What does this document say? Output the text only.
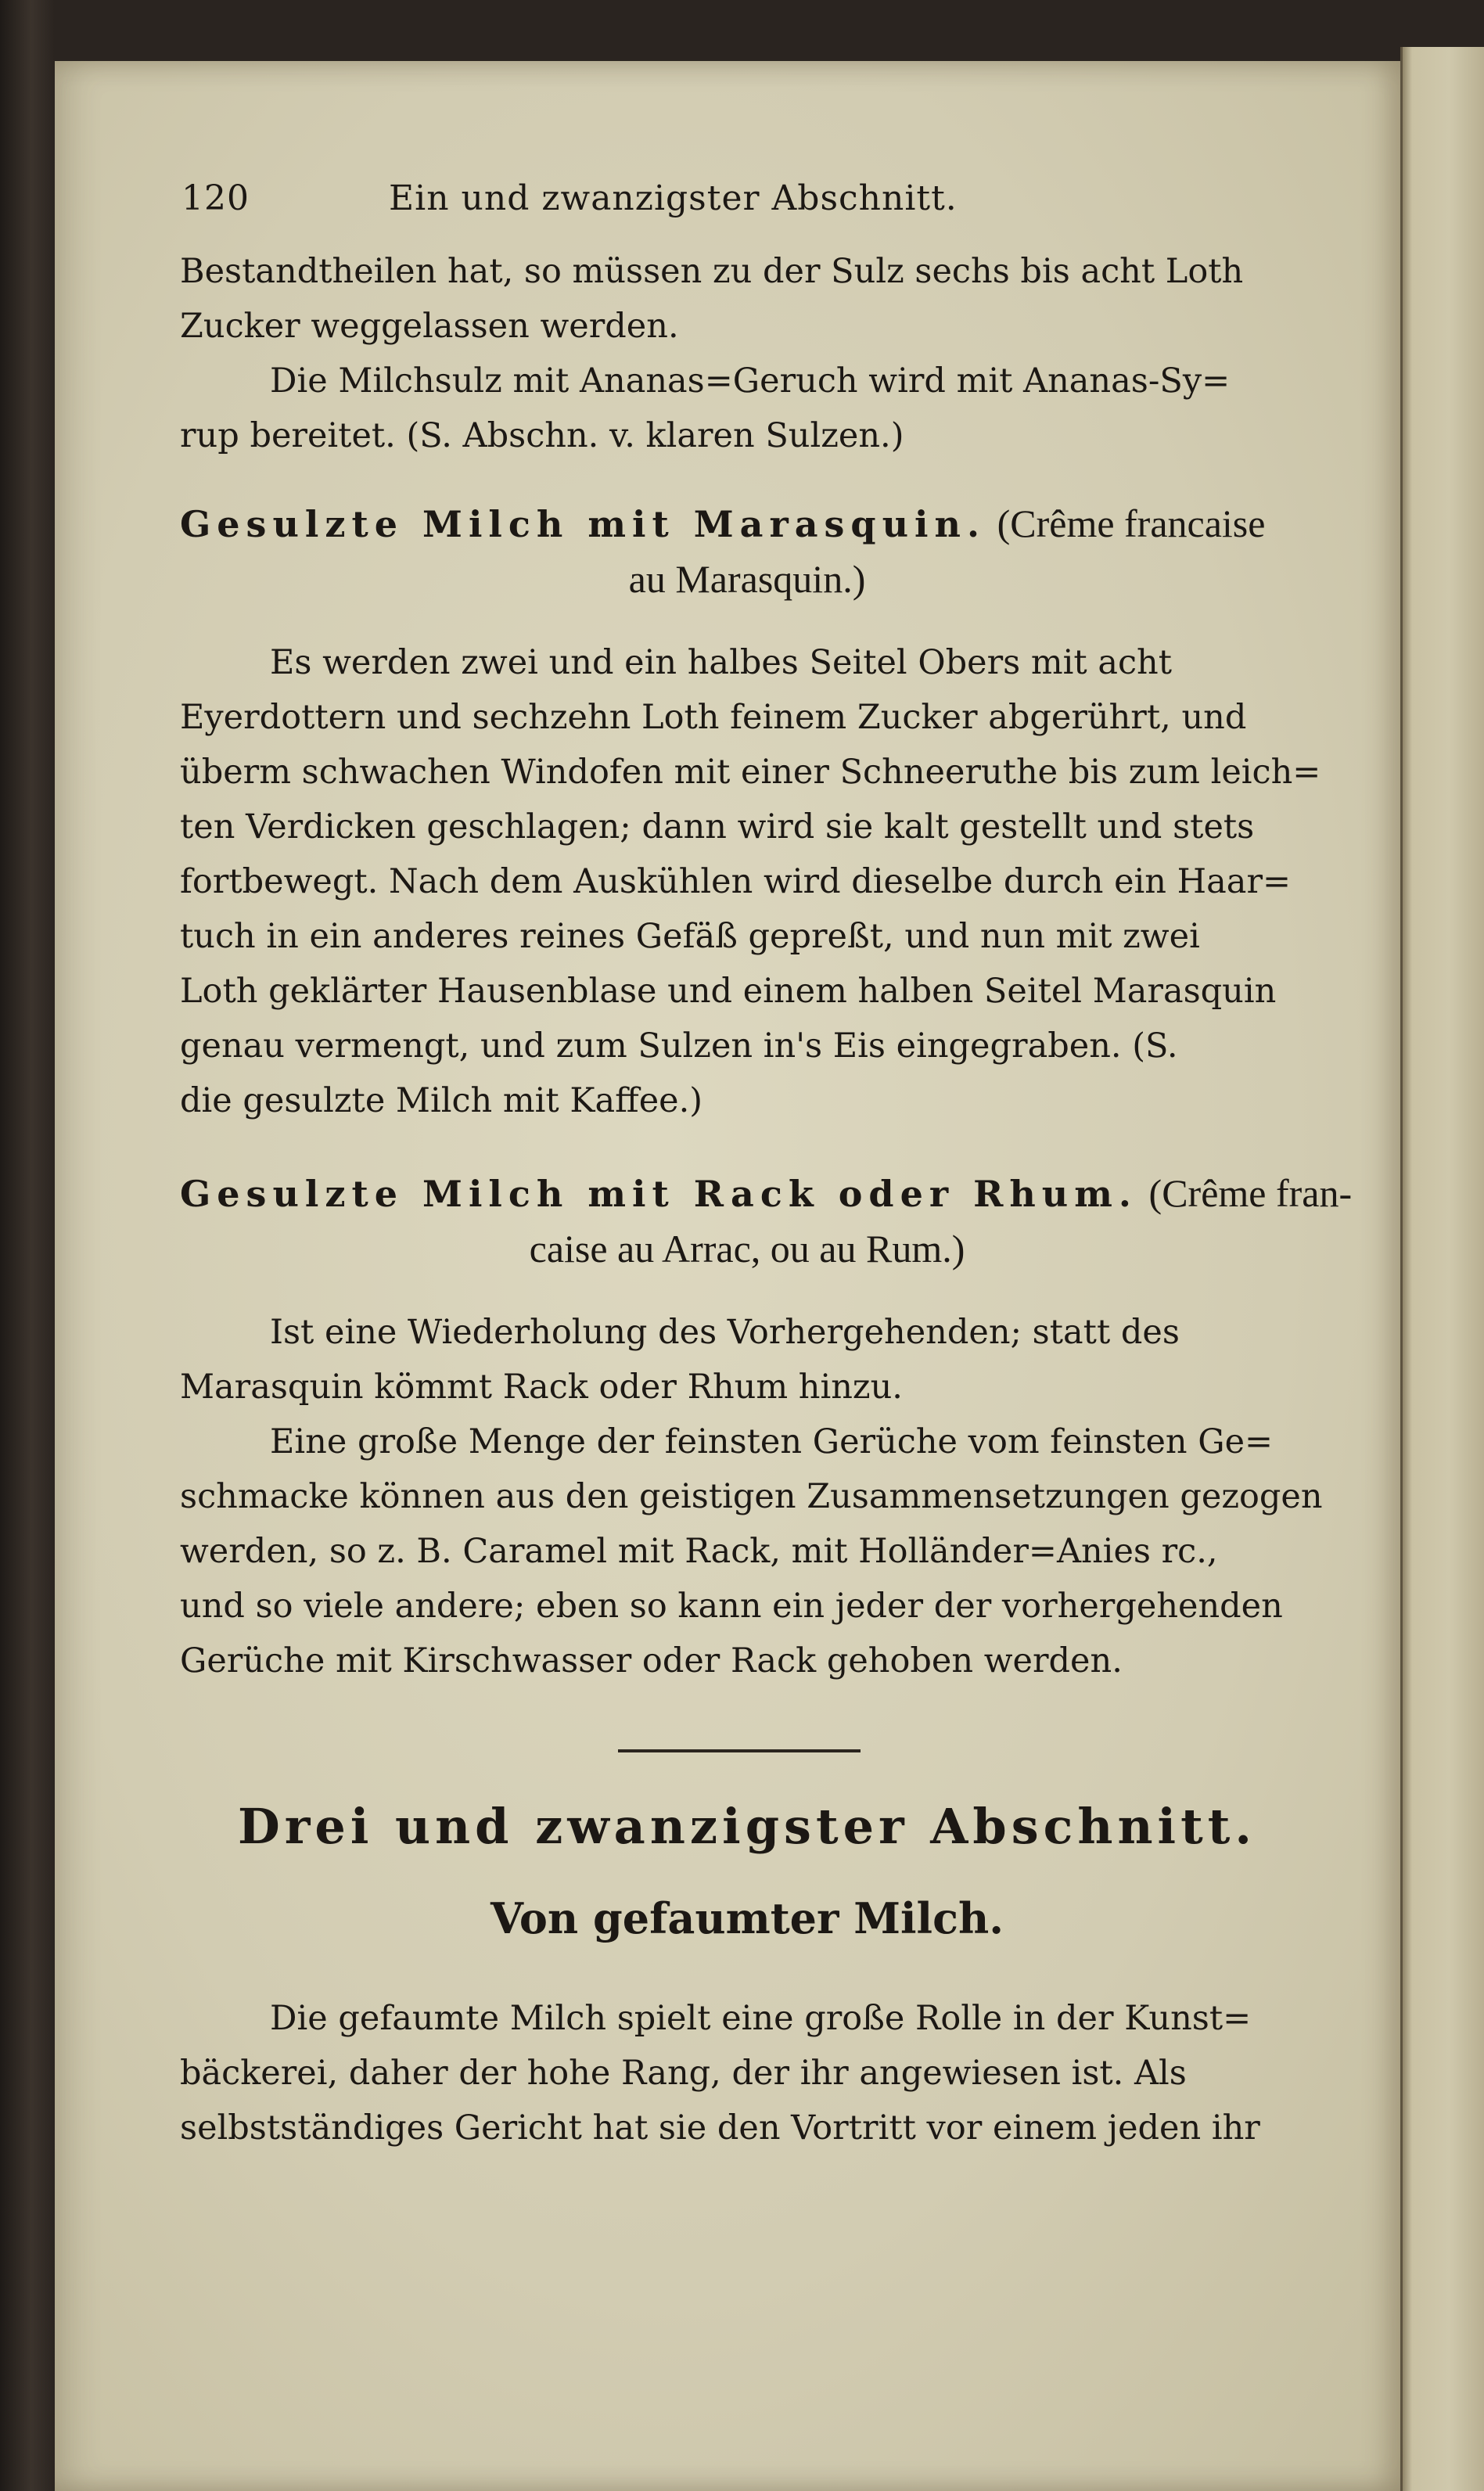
120	Ein und zwanzigster Abschnitt.
Bestandtheilen hat, so müssen zu der Sulz sechs bis acht Loth
Zucker weggelassen werden.
Die Milchsulz mit Ananas=Geruch wird mit Ananas-Sy=
rup bereitet. (S. Abschn. v. klaren Sulzen.)
Gesulzte Milch mit Marasquin. (Crême francaise
au Marasquin.)
Es werden zwei und ein halbes Seitel Obers mit acht
Eyerdottern und sechzehn Loth feinem Zucker abgerührt, und
überm schwachen Windofen mit einer Schneeruthe bis zum leich=
ten Verdicken geschlagen; dann wird sie kalt gestellt und stets
fortbewegt. Nach dem Auskühlen wird dieselbe durch ein Haar=
tuch in ein anderes reines Gefäß gepreßt, und nun mit zwei
Loth geklärter Hausenblase und einem halben Seitel Marasquin
genau vermengt, und zum Sulzen in's Eis eingegraben. (S.
die gesulzte Milch mit Kaffee.)
Gesulzte Milch mit Rack oder Rhum. (Crême fran-
caise au Arrac, ou au Rum.)
Ist eine Wiederholung des Vorhergehenden; statt des
Marasquin kömmt Rack oder Rhum hinzu.
Eine große Menge der feinsten Gerüche vom feinsten Ge=
schmacke können aus den geistigen Zusammensetzungen gezogen
werden, so z. B. Caramel mit Rack, mit Holländer=Anies rc.,
und so viele andere; eben so kann ein jeder der vorhergehenden
Gerüche mit Kirschwasser oder Rack gehoben werden.
Drei und zwanzigster Abschnitt.
Von gefaumter Milch.
Die gefaumte Milch spielt eine große Rolle in der Kunst=
bäckerei, daher der hohe Rang, der ihr angewiesen ist. Als
selbstständiges Gericht hat sie den Vortritt vor einem jeden ihr
